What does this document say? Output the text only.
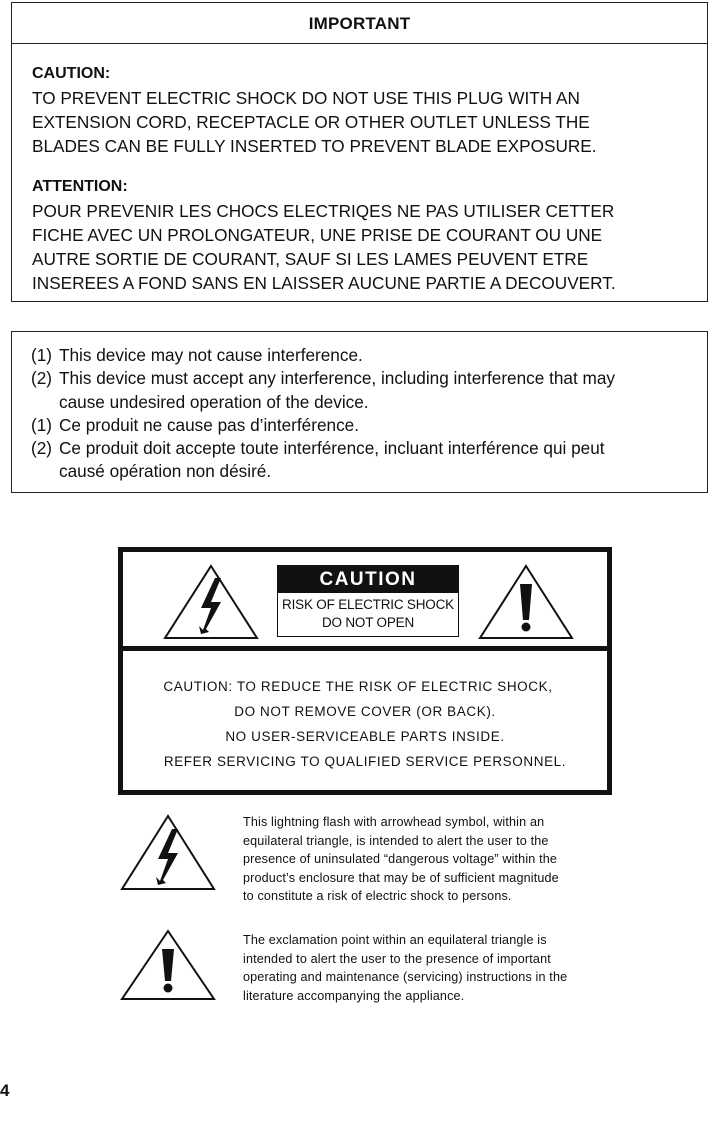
IMPORTANT
CAUTION:
TO PREVENT ELECTRIC SHOCK DO NOT USE THIS PLUG WITH AN
EXTENSION CORD, RECEPTACLE OR OTHER OUTLET UNLESS THE
BLADES CAN BE FULLY INSERTED TO PREVENT BLADE EXPOSURE.
ATTENTION:
POUR PREVENIR LES CHOCS ELECTRIQES NE PAS UTILISER CETTER
FICHE AVEC UN PROLONGATEUR, UNE PRISE DE COURANT OU UNE
AUTRE SORTIE DE COURANT, SAUF SI LES LAMES PEUVENT ETRE
INSEREES A FOND SANS EN LAISSER AUCUNE PARTIE A DECOUVERT.
(1) This device may not cause interference.
(2) This device must accept any interference, including interference that may
cause undesired operation of the device.
(1) Ce produit ne cause pas d’interférence.
(2) Ce produit doit accepte toute interférence, incluant interférence qui peut
causé opération non désiré.
CAUTION
RISK OF ELECTRIC SHOCK
DO NOT OPEN
CAUTION: TO REDUCE THE RISK OF ELECTRIC SHOCK,
DO NOT REMOVE COVER (OR BACK).
NO USER-SERVICEABLE PARTS INSIDE.
REFER SERVICING TO QUALIFIED SERVICE PERSONNEL.
This lightning flash with arrowhead symbol, within an
equilateral triangle, is intended to alert the user to the
presence of uninsulated “dangerous voltage” within the
product’s enclosure that may be of sufficient magnitude
to constitute a risk of electric shock to persons.
The exclamation point within an equilateral triangle is
intended to alert the user to the presence of important
operating and maintenance (servicing) instructions in the
literature accompanying the appliance.
4
